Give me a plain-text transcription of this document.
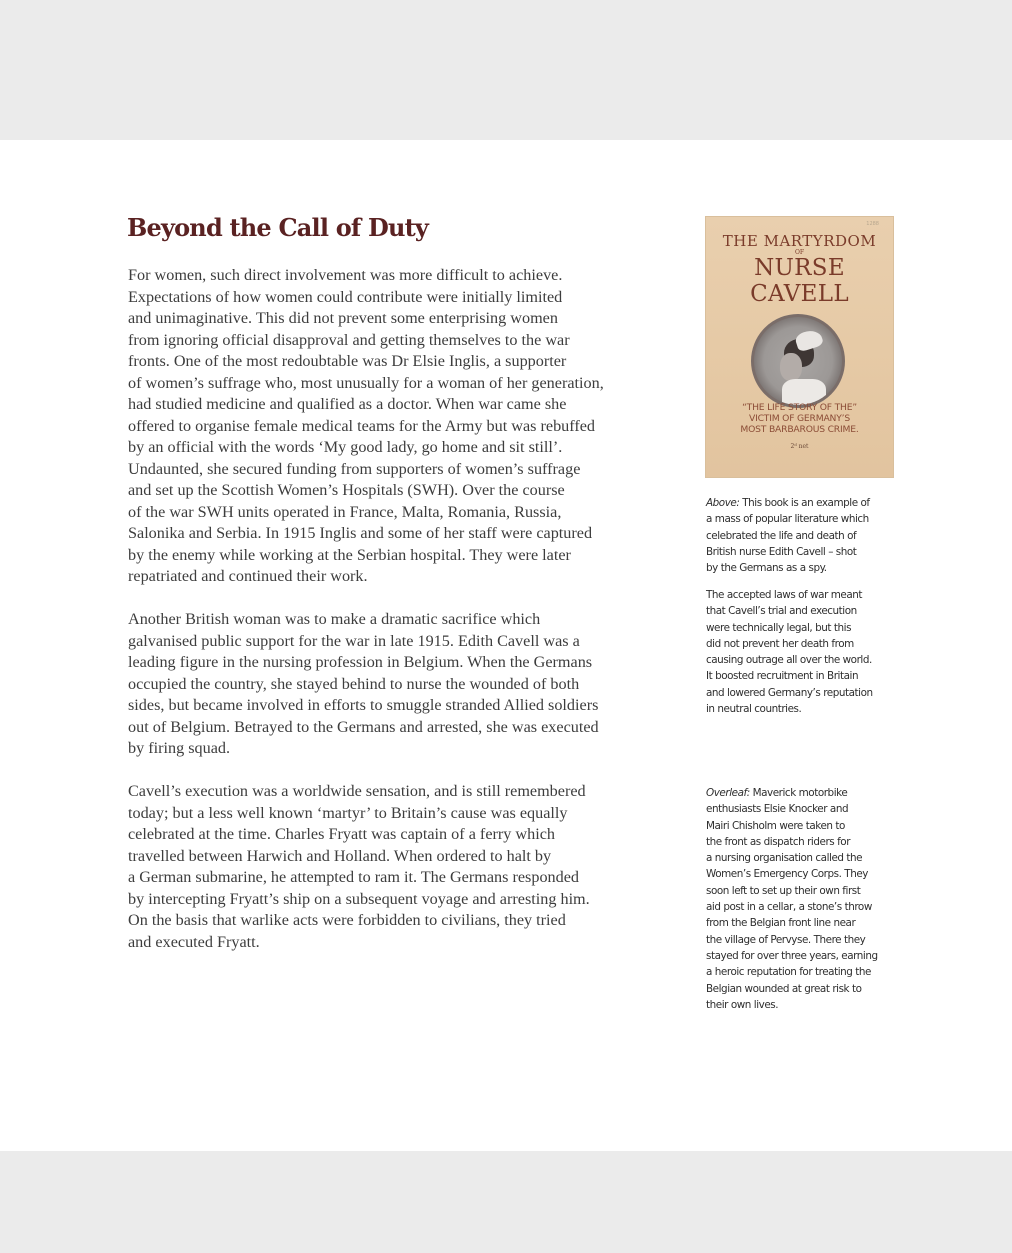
Beyond the Call of Duty
For women, such direct involvement was more difficult to achieve.
Expectations of how women could contribute were initially limited
and unimaginative. This did not prevent some enterprising women
from ignoring official disapproval and getting themselves to the war
fronts. One of the most redoubtable was Dr Elsie Inglis, a supporter
of women’s suffrage who, most unusually for a woman of her generation,
had studied medicine and qualified as a doctor. When war came she
offered to organise female medical teams for the Army but was rebuffed
by an official with the words ‘My good lady, go home and sit still’.
Undaunted, she secured funding from supporters of women’s suffrage
and set up the Scottish Women’s Hospitals (SWH). Over the course
of the war SWH units operated in France, Malta, Romania, Russia,
Salonika and Serbia. In 1915 Inglis and some of her staff were captured
by the enemy while working at the Serbian hospital. They were later
repatriated and continued their work.
Another British woman was to make a dramatic sacrifice which
galvanised public support for the war in late 1915. Edith Cavell was a
leading figure in the nursing profession in Belgium. When the Germans
occupied the country, she stayed behind to nurse the wounded of both
sides, but became involved in efforts to smuggle stranded Allied soldiers
out of Belgium. Betrayed to the Germans and arrested, she was executed
by firing squad.
Cavell’s execution was a worldwide sensation, and is still remembered
today; but a less well known ‘martyr’ to Britain’s cause was equally
celebrated at the time. Charles Fryatt was captain of a ferry which
travelled between Harwich and Holland. When ordered to halt by
a German submarine, he attempted to ram it. The Germans responded
by intercepting Fryatt’s ship on a subsequent voyage and arresting him.
On the basis that warlike acts were forbidden to civilians, they tried
and executed Fryatt.
1288
THE MARTYRDOM
OF
NURSE CAVELL
“THE LIFE STORY OF THE”
VICTIM OF GERMANY’S
MOST BARBAROUS CRIME.
2ᵈ net
Above: This book is an example of
a mass of popular literature which
celebrated the life and death of
British nurse Edith Cavell – shot
by the Germans as a spy.
The accepted laws of war meant
that Cavell’s trial and execution
were technically legal, but this
did not prevent her death from
causing outrage all over the world.
It boosted recruitment in Britain
and lowered Germany’s reputation
in neutral countries.
Overleaf: Maverick motorbike
enthusiasts Elsie Knocker and
Mairi Chisholm were taken to
the front as dispatch riders for
a nursing organisation called the
Women’s Emergency Corps. They
soon left to set up their own first
aid post in a cellar, a stone’s throw
from the Belgian front line near
the village of Pervyse. There they
stayed for over three years, earning
a heroic reputation for treating the
Belgian wounded at great risk to
their own lives.
